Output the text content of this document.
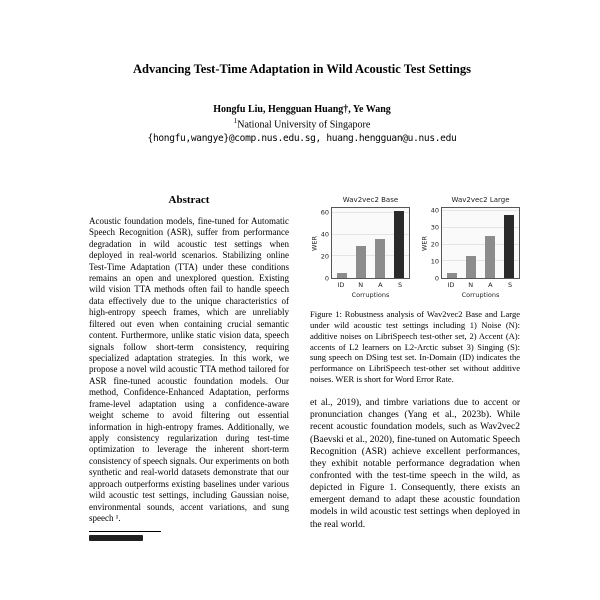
Advancing Test-Time Adaptation in Wild Acoustic Test Settings
Hongfu Liu, Hengguan Huang†, Ye Wang
$^1$National University of Singapore
{hongfu,wangye}@comp.nus.edu.sg, huang.hengguan@u.nus.edu
Abstract

Acoustic foundation models, fine-tuned for Automatic Speech Recognition (ASR), suffer from performance degradation in wild acoustic test settings when deployed in real-world scenarios. Stabilizing online Test-Time Adaptation (TTA) under these conditions remains an open and unexplored question. Existing wild vision TTA methods often fail to handle speech data effectively due to the unique characteristics of high-entropy speech frames, which are unreliably filtered out even when containing crucial semantic content. Furthermore, unlike static vision data, speech signals follow short-term consistency, requiring specialized adaptation strategies. In this work, we propose a novel wild acoustic TTA method tailored for ASR fine-tuned acoustic foundation models. Our method, Confidence-Enhanced Adaptation, performs frame-level adaptation using a confidence-aware weight scheme to avoid filtering out essential information in high-entropy frames. Additionally, we apply consistency regularization during test-time optimization to leverage the inherent short-term consistency of speech signals. Our experiments on both synthetic and real-world datasets demonstrate that our approach outperforms existing baselines under various wild acoustic test settings, including Gaussian noise, environmental sounds, accent variations, and sung speech ¹.

Wav2vec2 Base
WER
0
20
40
60
ID	N	A	S
Corruptions
Wav2vec2 Large
WER
0
10
20
30
40
ID	N	A	S
Corruptions

Figure 1: Robustness analysis of Wav2vec2 Base and Large under wild acoustic test settings including 1) Noise (N): additive noises on LibriSpeech test-other set, 2) Accent (A): accents of L2 learners on L2-Arctic subset 3) Singing (S): sung speech on DSing test set. In-Domain (ID) indicates the performance on LibriSpeech test-other set without additive noises. WER is short for Word Error Rate.

et al., 2019), and timbre variations due to accent or pronunciation changes (Yang et al., 2023b). While recent acoustic foundation models, such as Wav2vec2 (Baevski et al., 2020), fine-tuned on Automatic Speech Recognition (ASR) achieve excellent performances, they exhibit notable performance degradation when confronted with the test-time speech in the wild, as depicted in Figure 1. Consequently, there exists an emergent demand to adapt these acoustic foundation models in wild acoustic test settings when deployed in the real world.
